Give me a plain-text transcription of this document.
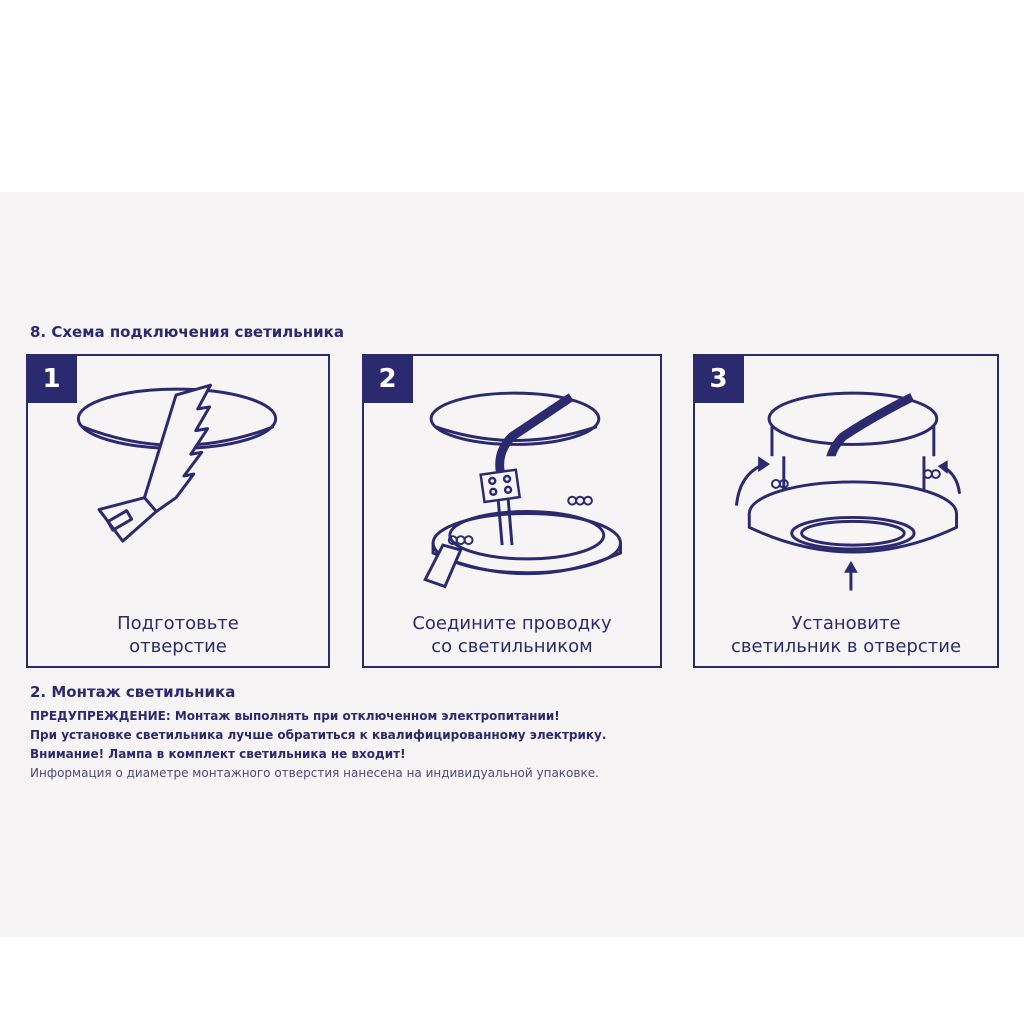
8. Схема подключения светильника
1
Подготовьте
отверстие
2
Соедините проводку
со светильником
3
Установите
светильник в отверстие
2. Монтаж светильника
ПРЕДУПРЕЖДЕНИЕ: Монтаж выполнять при отключенном электропитании!
При установке светильника лучше обратиться к квалифицированному электрику.
Внимание! Лампа в комплект светильника не входит!
Информация о диаметре монтажного отверстия нанесена на индивидуальной упаковке.
